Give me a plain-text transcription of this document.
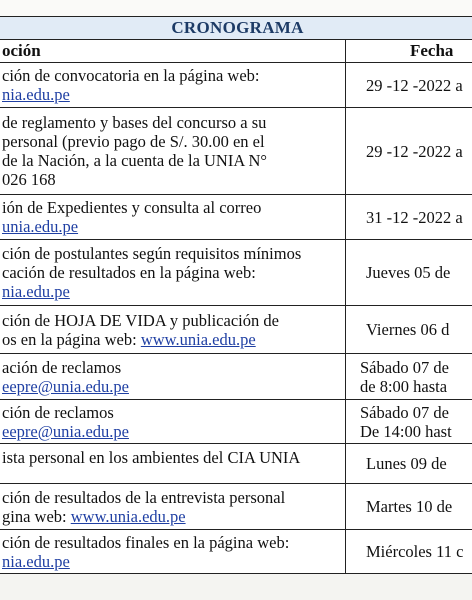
CRONOGRAMA	
oción	Fecha

ción de convocatoria en la página web:
nia.edu.pe	29 -12 -2022 a

de reglamento y bases del concurso a su
personal (previo pago de S/. 30.00 en el
de la Nación, a la cuenta de la UNIA N°
026 168	29 -12 -2022 a

ión de Expedientes y consulta al correo
unia.edu.pe	31 -12 -2022 a

ción de postulantes según requisitos mínimos
cación de resultados en la página web:
nia.edu.pe	Jueves 05 de

ción de HOJA DE VIDA y publicación de
os en la página web: www.unia.edu.pe	Viernes 06 d

ación de reclamos
eepre@unia.edu.pe	Sábado 07 de
de 8:00 hasta

ción de reclamos
eepre@unia.edu.pe	Sábado 07 de
De 14:00 hast

ista personal en los ambientes del CIA UNIA	Lunes 09 de

ción de resultados de la entrevista personal
gina web: www.unia.edu.pe	Martes 10 de

ción de resultados finales en la página web:
nia.edu.pe	Miércoles 11 c
